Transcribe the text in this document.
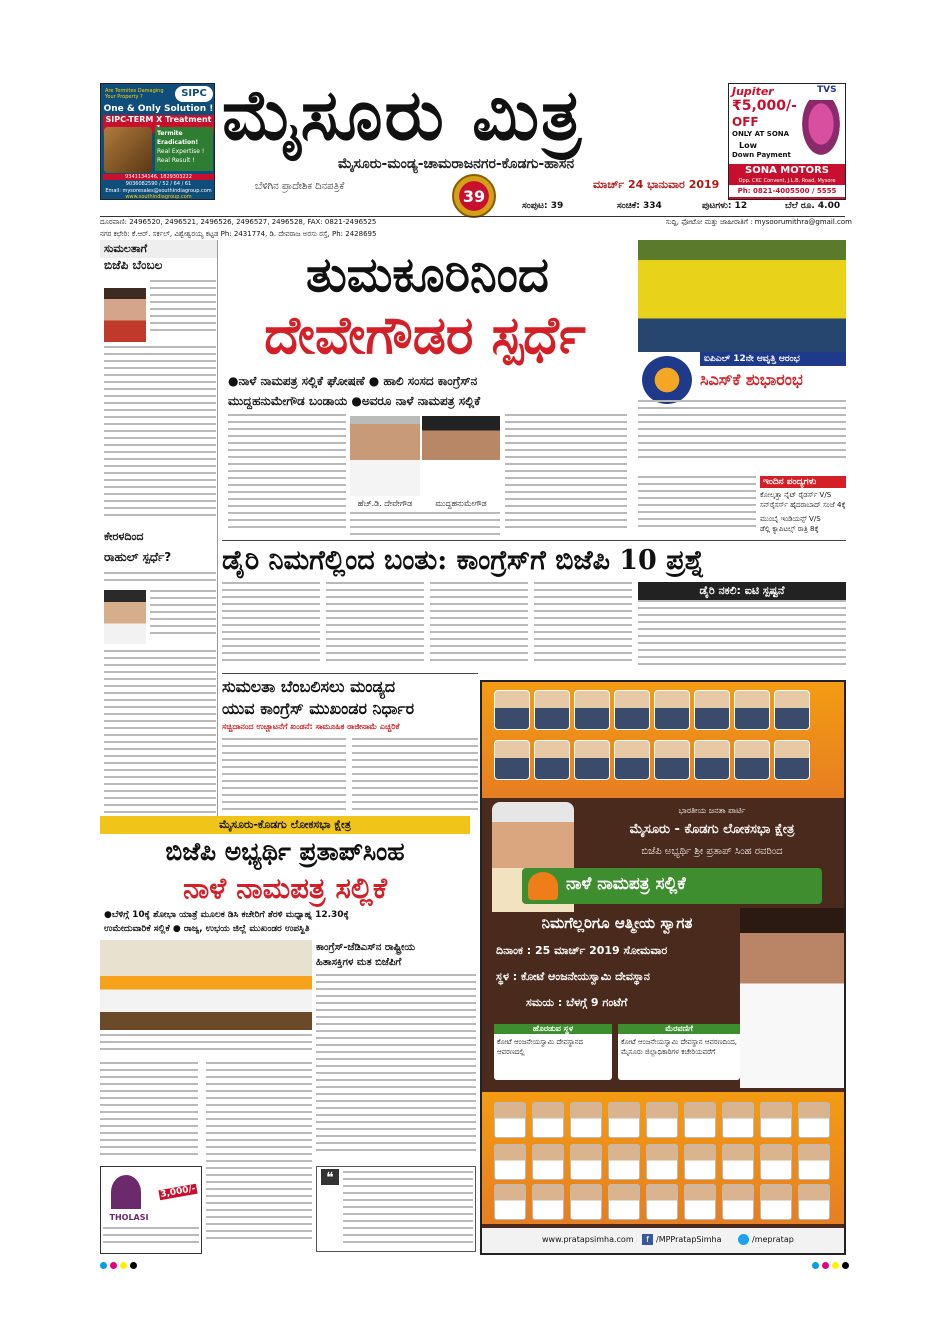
SIPC
Are Termites Damaging Your Property ?
One & Only Solution !
SIPC-TERM X Treatment
Termite Eradication!
Real Expertise !
Real Result !
9341134146, 1829303222
9036082590 / 52 / 64 / 61
Email: mysoresales@southindiagroup.com
www.southindiagroup.com
ಮೈಸೂರು ಮಿತ್ರ
ಮೈಸೂರು-ಮಂಡ್ಯ-ಚಾಮರಾಜನಗರ-ಕೊಡಗು-ಹಾಸನ
ಬೆಳಿಗಿನ ಪ್ರಾದೇಶಿಕ ದಿನಪತ್ರಿಕೆ
39
ಮಾರ್ಚ್ 24 ಭಾನುವಾರ 2019
ಸಂಪುಟ: 39	ಸಂಚಿಕೆ: 334	ಪುಟಗಳು: 12	ಬೆಲೆ ರೂ. 4.00
ದೂರವಾಣಿ: 2496520, 2496521, 2496526, 2496527, 2496528, FAX: 0821-2496525	ಸುದ್ದಿ, ಫೋಟೋ ಮತ್ತು ಜಾಹೀರಾತಿಗೆ : mysoorumithra@gmail.com
ನಗರ ಕಛೇರಿ: ಕೆ.ಆರ್. ಸರ್ಕಲ್, ವಿಶ್ವೇಶ್ವರಯ್ಯ ಕಟ್ಟಡ Ph: 2431774, ಡಿ. ದೇವರಾಜ ಅರಸು ರಸ್ತೆ, Ph: 2428695
Jupiter	TVS
₹5,000/-
OFF
ONLY AT SONA
Low
Down Payment
SONA MOTORS
Opp. CKC Convent, J.L.B. Road, Mysore
Ph: 0821-4005500 / 5555
ಸುಮಲತಾಗೆ
ಬಿಜೆಪಿ ಬೆಂಬಲ
ಕೇರಳದಿಂದ
ರಾಹುಲ್ ಸ್ಪರ್ಧೆ?
ತುಮಕೂರಿನಿಂದ
ದೇವೇಗೌಡರ ಸ್ಪರ್ಧೆ
●ನಾಳೆ ನಾಮಪತ್ರ ಸಲ್ಲಿಕೆ ಘೋಷಣೆ ● ಹಾಲಿ ಸಂಸದ ಕಾಂಗ್ರೆಸ್‌ನ
ಮುದ್ದಹನುಮೇಗೌಡ ಬಂಡಾಯ ●ಅವರೂ ನಾಳೆ ನಾಮಪತ್ರ ಸಲ್ಲಿಕೆ
ಹೆಚ್.ಡಿ. ದೇವೇಗೌಡ	ಮುದ್ದಹನುಮೇಗೌಡ
ಐಪಿಎಲ್ 12ನೇ ಆವೃತ್ತಿ ಆರಂಭ
ಸಿಎಸ್‌ಕೆ ಶುಭಾರಂಭ
ಇಂದಿನ ಪಂದ್ಯಗಳು
ಕೋಲ್ಕತ್ತಾ ನೈಟ್ ರೈಡರ್ಸ್ V/S
ಸನ್‌ರೈಸರ್ಸ್ ಹೈದರಾಬಾದ್ ಸಂಜೆ 4ಕ್ಕೆ
ಮುಂಬೈ ಇಂಡಿಯನ್ಸ್ V/S
ಡೆಲ್ಲಿ ಕ್ಯಾಪಿಟಲ್ಸ್ ರಾತ್ರಿ 8ಕ್ಕೆ
ಡೈರಿ ನಿಮಗೆಲ್ಲಿಂದ ಬಂತು: ಕಾಂಗ್ರೆಸ್‌ಗೆ ಬಿಜೆಪಿ 10 ಪ್ರಶ್ನೆ
ಡೈರಿ ನಕಲಿ: ಐಟಿ ಸ್ಪಷ್ಟನೆ
ಸುಮಲತಾ ಬೆಂಬಲಿಸಲು ಮಂಡ್ಯದ
ಯುವ ಕಾಂಗ್ರೆಸ್ ಮುಖಂಡರ ನಿರ್ಧಾರ
ಸಚ್ಚಿದಾನಂದ ಉಚ್ಚಾಟನೆಗೆ ಖಂಡನೆ: ಸಾಮೂಹಿಕ ರಾಜೀನಾಮೆ ಎಚ್ಚರಿಕೆ
ಮೈಸೂರು-ಕೊಡಗು ಲೋಕಸಭಾ ಕ್ಷೇತ್ರ
ಬಿಜೆಪಿ ಅಭ್ಯರ್ಥಿ ಪ್ರತಾಪ್‌ಸಿಂಹ
ನಾಳೆ ನಾಮಪತ್ರ ಸಲ್ಲಿಕೆ
●ಬೆಳಿಗ್ಗೆ 10ಕ್ಕೆ ಶೋಭಾ ಯಾತ್ರೆ ಮೂಲಕ ಡಿಸಿ ಕಚೇರಿಗೆ ತೆರಳಿ ಮಧ್ಯಾಹ್ನ 12.30ಕ್ಕೆ
ಉಮೇದುವಾರಿಕೆ ಸಲ್ಲಿಕೆ ● ರಾಜ್ಯ, ಉಭಯ ಜಿಲ್ಲೆ ಮುಖಂಡರ ಉಪಸ್ಥಿತಿ
ಕಾಂಗ್ರೆಸ್-ಜೆಡಿಎಸ್‌ನ ರಾಷ್ಟ್ರೀಯ
ಹಿತಾಸಕ್ತಿಗಳ ಮತ ಬಿಜೆಪಿಗೆ
THOLASI
3,000/-
❝
ಭಾರತೀಯ ಜನತಾ ಪಾರ್ಟಿ
ಮೈಸೂರು - ಕೊಡಗು ಲೋಕಸಭಾ ಕ್ಷೇತ್ರ
ಬಿಜೆಪಿ ಅಭ್ಯರ್ಥಿ ಶ್ರೀ ಪ್ರತಾಪ್ ಸಿಂಹ ರವರಿಂದ
ನಾಳೆ ನಾಮಪತ್ರ ಸಲ್ಲಿಕೆ
ನಿಮಗೆಲ್ಲರಿಗೂ ಆತ್ಮೀಯ ಸ್ವಾಗತ
ದಿನಾಂಕ : 25 ಮಾರ್ಚ್ 2019 ಸೋಮವಾರ
ಸ್ಥಳ : ಕೋಟೆ ಆಂಜನೇಯಸ್ವಾಮಿ ದೇವಸ್ಥಾನ
ಸಮಯ : ಬೆಳಗ್ಗೆ 9 ಗಂಟೆಗೆ
ಹೊರಡುವ ಸ್ಥಳ
ಕೋಟೆ ಆಂಜನೇಯಸ್ವಾಮಿ ದೇವಸ್ಥಾನದ ಆವರಣದಲ್ಲಿ
ಮೆರವಣಿಗೆ
ಕೋಟೆ ಆಂಜನೇಯಸ್ವಾಮಿ ದೇವಸ್ಥಾನ ಆವರಣದಿಂದ, ಮೈಸೂರು ಜಿಲ್ಲಾಧಿಕಾರಿಗಳ ಕಚೇರಿಯವರೆಗೆ
www.pratapsimha.com	f /MPPratapSimha	/mepratap
